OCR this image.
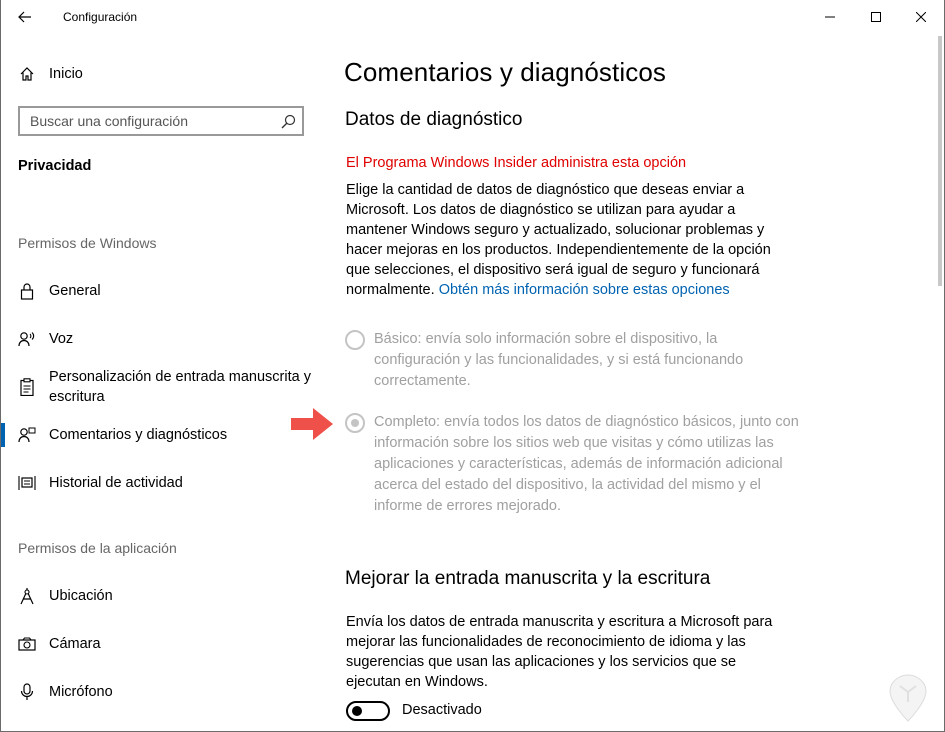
Configuración
Inicio
Buscar una configuración
Privacidad
Permisos de Windows
General
Voz
Personalización de entrada manuscrita y escritura
Comentarios y diagnósticos
Historial de actividad
Permisos de la aplicación
Ubicación
Cámara
Micrófono
Comentarios y diagnósticos
Datos de diagnóstico
El Programa Windows Insider administra esta opción
Elige la cantidad de datos de diagnóstico que deseas enviar a Microsoft. Los datos de diagnóstico se utilizan para ayudar a mantener Windows seguro y actualizado, solucionar problemas y hacer mejoras en los productos. Independientemente de la opción que selecciones, el dispositivo será igual de seguro y funcionará normalmente. Obtén más información sobre estas opciones
Básico: envía solo información sobre el dispositivo, la configuración y las funcionalidades, y si está funcionando correctamente.
Completo: envía todos los datos de diagnóstico básicos, junto con información sobre los sitios web que visitas y cómo utilizas las aplicaciones y características, además de información adicional acerca del estado del dispositivo, la actividad del mismo y el informe de errores mejorado.
Mejorar la entrada manuscrita y la escritura
Envía los datos de entrada manuscrita y escritura a Microsoft para mejorar las funcionalidades de reconocimiento de idioma y las sugerencias que usan las aplicaciones y los servicios que se ejecutan en Windows.
Desactivado
